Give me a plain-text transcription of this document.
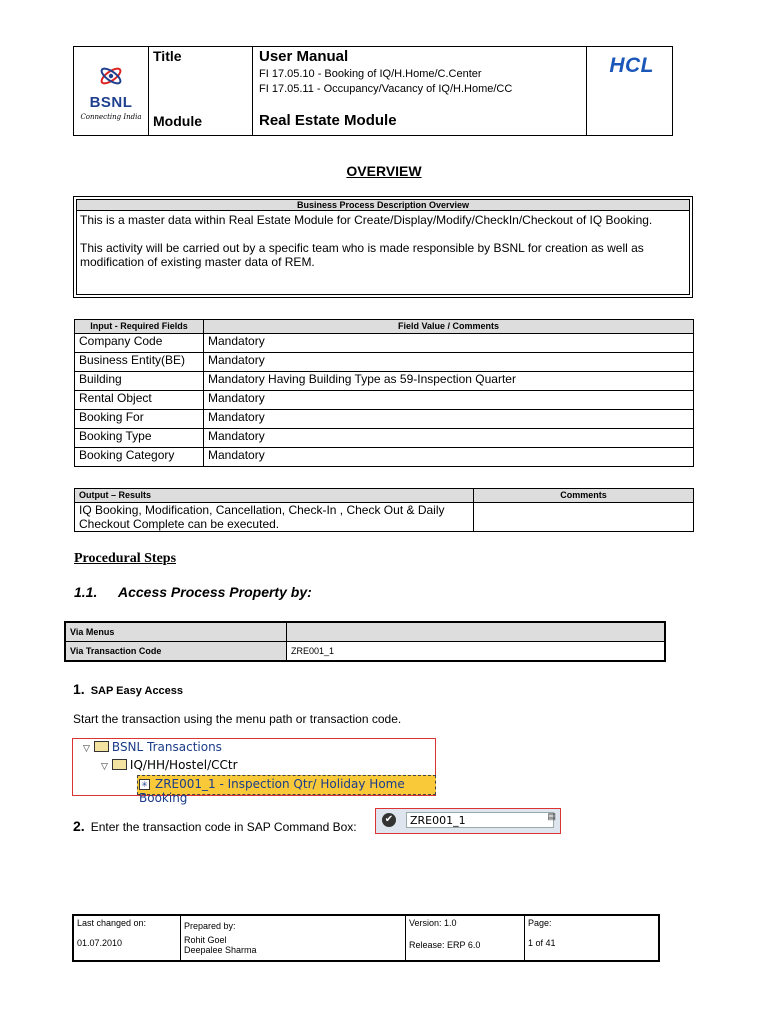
BSNL
Connecting India
Title
Module
User Manual
FI 17.05.10 - Booking of IQ/H.Home/C.Center
FI 17.05.11 - Occupancy/Vacancy of IQ/H.Home/CC
Real Estate Module
HCL
OVERVIEW
Business Process Description Overview

This is a master data within Real Estate Module for Create/Display/Modify/CheckIn/Checkout of IQ Booking.

This activity will be carried out by a specific team who is made responsible by BSNL for creation as well as modification of existing master data of REM.

Input - Required Fields	Field Value / Comments
Company Code	Mandatory
Business Entity(BE)	Mandatory
Building	Mandatory Having Building Type as 59-Inspection Quarter
Rental Object	Mandatory
Booking For	Mandatory
Booking Type	Mandatory
Booking Category	Mandatory
Output – Results	Comments

IQ Booking, Modification, Cancellation, Check-In , Check Out & Daily
Checkout Complete can be executed.	

Procedural Steps
1.1. Access Process Property by:
Via Menus	
Via Transaction Code	ZRE001_1
1. SAP Easy Access
Start the transaction using the menu path or transaction code.
▽ BSNL Transactions
▽ IQ/HH/Hostel/CCtr
✳ ZRE001_1 - Inspection Qtr/ Holiday Home Booking
2. Enter the transaction code in SAP Command Box:
✔	ZRE001_1	▤
Last changed on:
01.07.2010

Prepared by:
Rohit Goel
Deepalee Sharma

Version: 1.0
Release: ERP 6.0

Page:
1 of 41
